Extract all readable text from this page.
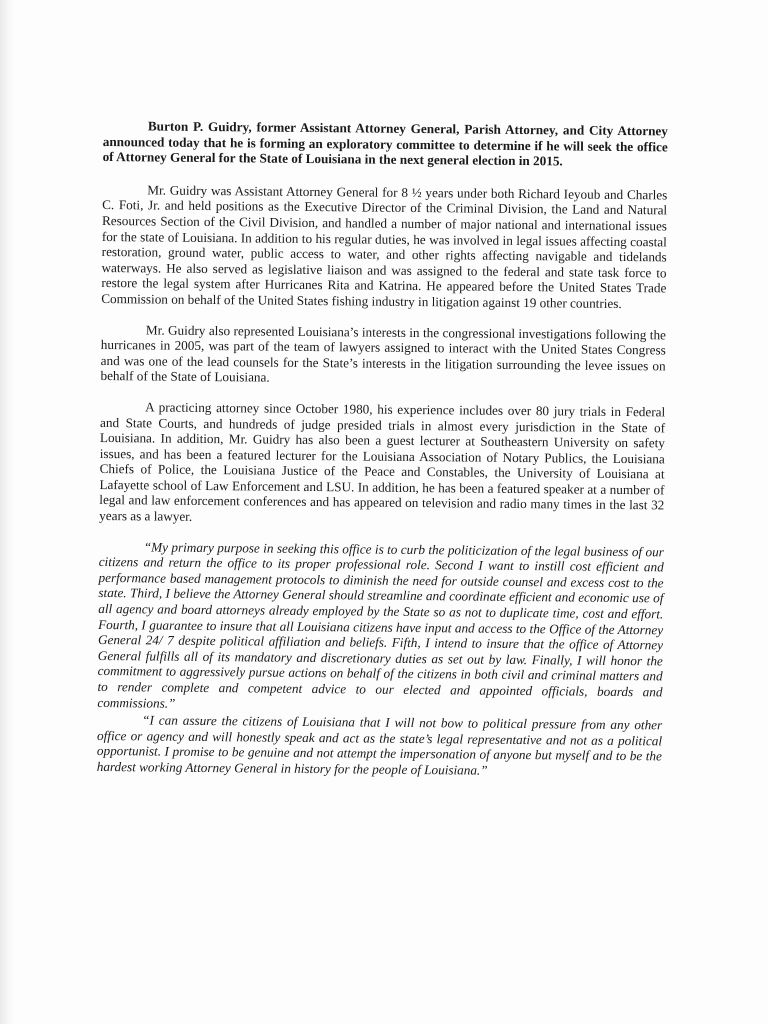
Burton P. Guidry, former Assistant Attorney General, Parish Attorney, and City Attorney announced today that he is forming an exploratory committee to determine if he will seek the office of Attorney General for the State of Louisiana in the next general election in 2015.

Mr. Guidry was Assistant Attorney General for 8 ½ years under both Richard Ieyoub and Charles C. Foti, Jr. and held positions as the Executive Director of the Criminal Division, the Land and Natural Resources Section of the Civil Division, and handled a number of major national and international issues for the state of Louisiana. In addition to his regular duties, he was involved in legal issues affecting coastal restoration, ground water, public access to water, and other rights affecting navigable and tidelands waterways. He also served as legislative liaison and was assigned to the federal and state task force to restore the legal system after Hurricanes Rita and Katrina. He appeared before the United States Trade Commission on behalf of the United States fishing industry in litigation against 19 other countries.

Mr. Guidry also represented Louisiana’s interests in the congressional investigations following the hurricanes in 2005, was part of the team of lawyers assigned to interact with the United States Congress and was one of the lead counsels for the State’s interests in the litigation surrounding the levee issues on behalf of the State of Louisiana.

A practicing attorney since October 1980, his experience includes over 80 jury trials in Federal and State Courts, and hundreds of judge presided trials in almost every jurisdiction in the State of Louisiana. In addition, Mr. Guidry has also been a guest lecturer at Southeastern University on safety issues, and has been a featured lecturer for the Louisiana Association of Notary Publics, the Louisiana Chiefs of Police, the Louisiana Justice of the Peace and Constables, the University of Louisiana at Lafayette school of Law Enforcement and LSU. In addition, he has been a featured speaker at a number of legal and law enforcement conferences and has appeared on television and radio many times in the last 32 years as a lawyer.

“My primary purpose in seeking this office is to curb the politicization of the legal business of our citizens and return the office to its proper professional role. Second I want to instill cost efficient and performance based management protocols to diminish the need for outside counsel and excess cost to the state. Third, I believe the Attorney General should streamline and coordinate efficient and economic use of all agency and board attorneys already employed by the State so as not to duplicate time, cost and effort. Fourth, I guarantee to insure that all Louisiana citizens have input and access to the Office of the Attorney General 24/ 7 despite political affiliation and beliefs. Fifth, I intend to insure that the office of Attorney General fulfills all of its mandatory and discretionary duties as set out by law. Finally, I will honor the commitment to aggressively pursue actions on behalf of the citizens in both civil and criminal matters and to render complete and competent advice to our elected and appointed officials, boards and commissions.”

“I can assure the citizens of Louisiana that I will not bow to political pressure from any other office or agency and will honestly speak and act as the state’s legal representative and not as a political opportunist. I promise to be genuine and not attempt the impersonation of anyone but myself and to be the hardest working Attorney General in history for the people of Louisiana.”
